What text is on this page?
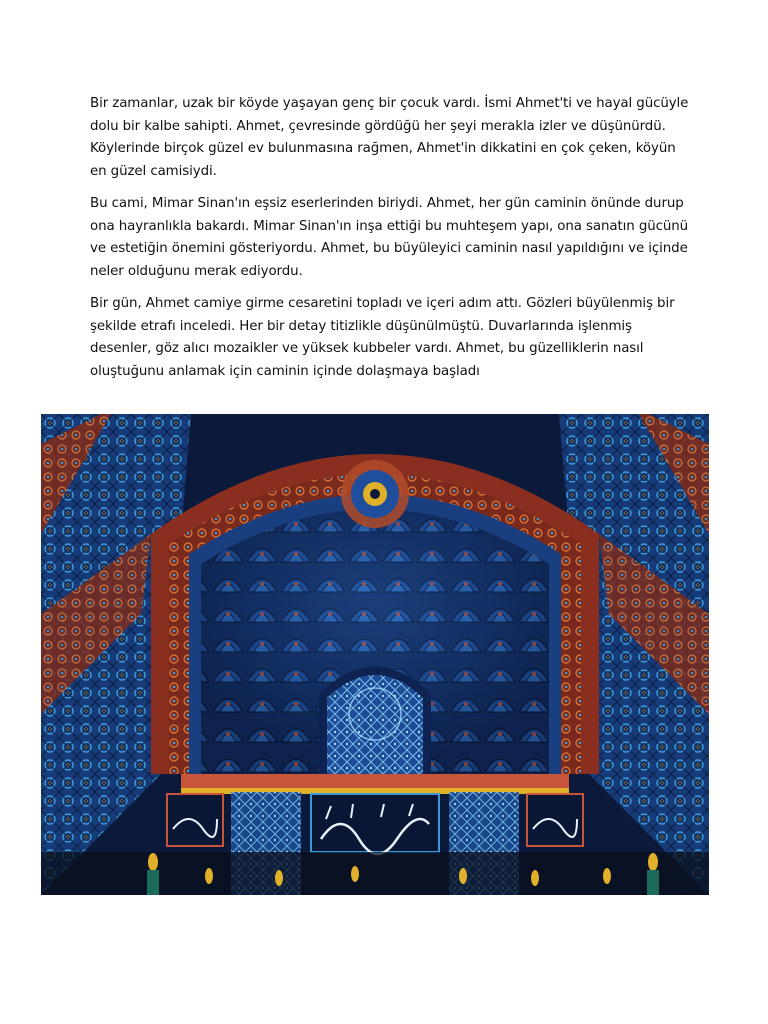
Bir zamanlar, uzak bir köyde yaşayan genç bir çocuk vardı. İsmi Ahmet'ti ve hayal gücüyle dolu bir kalbe sahipti. Ahmet, çevresinde gördüğü her şeyi merakla izler ve düşünürdü. Köylerinde birçok güzel ev bulunmasına rağmen, Ahmet'in dikkatini en çok çeken, köyün en güzel camisiydi.

Bu cami, Mimar Sinan'ın eşsiz eserlerinden biriydi. Ahmet, her gün caminin önünde durup ona hayranlıkla bakardı. Mimar Sinan'ın inşa ettiği bu muhteşem yapı, ona sanatın gücünü ve estetiğin önemini gösteriyordu. Ahmet, bu büyüleyici caminin nasıl yapıldığını ve içinde neler olduğunu merak ediyordu.

Bir gün, Ahmet camiye girme cesaretini topladı ve içeri adım attı. Gözleri büyülenmiş bir şekilde etrafı inceledi. Her bir detay titizlikle düşünülmüştü. Duvarlarında işlenmiş desenler, göz alıcı mozaikler ve yüksek kubbeler vardı. Ahmet, bu güzelliklerin nasıl oluştuğunu anlamak için caminin içinde dolaşmaya başladı
